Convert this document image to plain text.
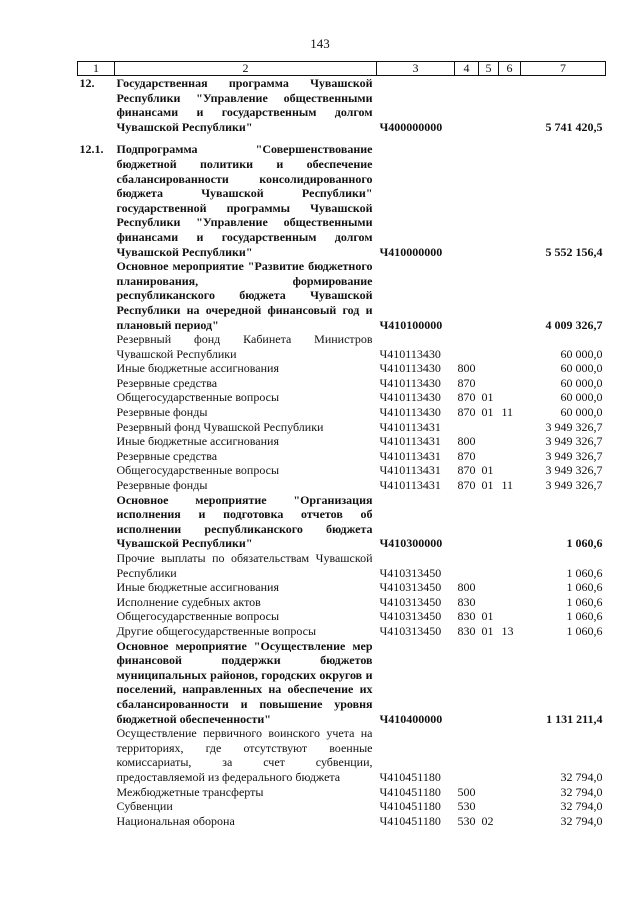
143
1	2	3	4	5	6	7
12.	Государственная программа Чувашской Республики "Управление общественными финансами и государственным долгом Чувашской Республики"	Ч400000000				5 741 420,5
12.1.	Подпрограмма "Совершенствование бюджетной политики и обеспечение сбалансированности консолидированного бюджета Чувашской Республики" государственной программы Чувашской Республики "Управление общественными финансами и государственным долгом Чувашской Республики"	Ч410000000				5 552 156,4
	Основное мероприятие "Развитие бюджетного планирования, формирование республиканского бюджета Чувашской Республики на очередной финансовый год и плановый период"	Ч410100000				4 009 326,7
	Резервный фонд Кабинета Министров Чувашской Республики	Ч410113430				60 000,0
	Иные бюджетные ассигнования	Ч410113430	800			60 000,0
	Резервные средства	Ч410113430	870			60 000,0
	Общегосударственные вопросы	Ч410113430	870	01		60 000,0
	Резервные фонды	Ч410113430	870	01	11	60 000,0
	Резервный фонд Чувашской Республики	Ч410113431				3 949 326,7
	Иные бюджетные ассигнования	Ч410113431	800			3 949 326,7
	Резервные средства	Ч410113431	870			3 949 326,7
	Общегосударственные вопросы	Ч410113431	870	01		3 949 326,7
	Резервные фонды	Ч410113431	870	01	11	3 949 326,7
	Основное мероприятие "Организация исполнения и подготовка отчетов об исполнении республиканского бюджета Чувашской Республики"	Ч410300000				1 060,6
	Прочие выплаты по обязательствам Чувашской Республики	Ч410313450				1 060,6
	Иные бюджетные ассигнования	Ч410313450	800			1 060,6
	Исполнение судебных актов	Ч410313450	830			1 060,6
	Общегосударственные вопросы	Ч410313450	830	01		1 060,6
	Другие общегосударственные вопросы	Ч410313450	830	01	13	1 060,6
	Основное мероприятие "Осуществление мер финансовой поддержки бюджетов муниципальных районов, городских округов и поселений, направленных на обеспечение их сбалансированности и повышение уровня бюджетной обеспеченности"	Ч410400000				1 131 211,4
	Осуществление первичного воинского учета на территориях, где отсутствуют военные комиссариаты, за счет субвенции, предоставляемой из федерального бюджета	Ч410451180				32 794,0
	Межбюджетные трансферты	Ч410451180	500			32 794,0
	Субвенции	Ч410451180	530			32 794,0
	Национальная оборона	Ч410451180	530	02		32 794,0
